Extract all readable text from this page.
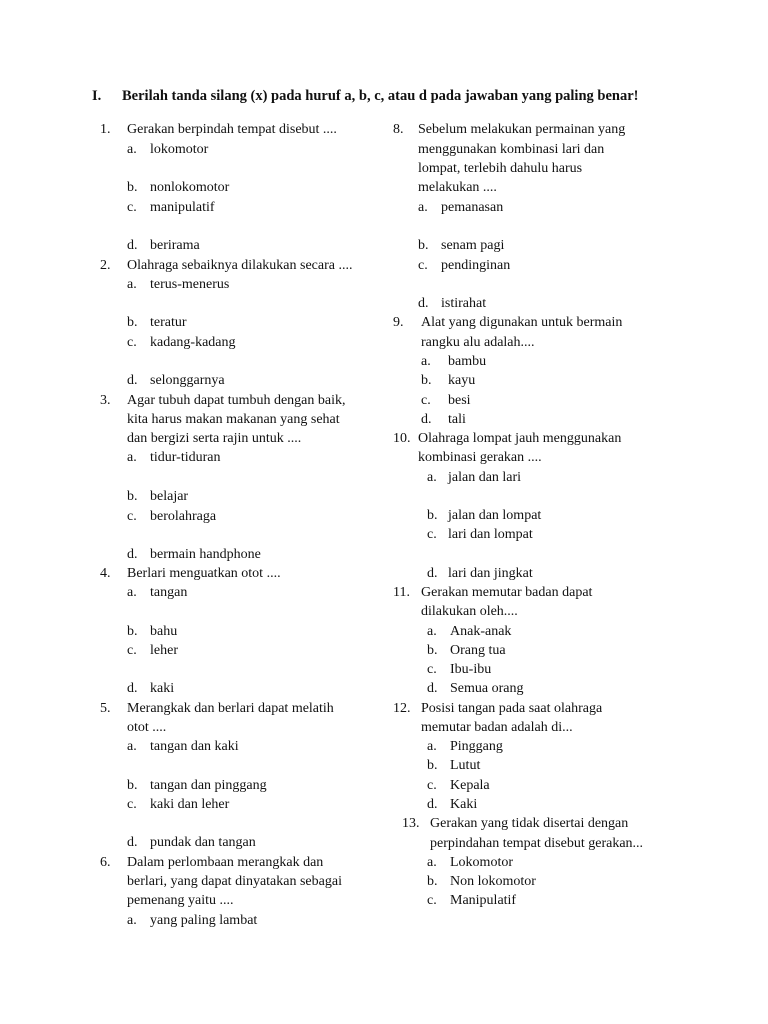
I. Berilah tanda silang (x) pada huruf a, b, c, atau d pada jawaban yang paling benar!
1. Gerakan berpindah tempat disebut ....
a. lokomotor
b. nonlokomotor
c. manipulatif
d. berirama
2. Olahraga sebaiknya dilakukan secara ....
a. terus-menerus
b. teratur
c. kadang-kadang
d. selonggarnya
3. Agar tubuh dapat tumbuh dengan baik,
kita harus makan makanan yang sehat
dan bergizi serta rajin untuk ....
a. tidur-tiduran
b. belajar
c. berolahraga
d. bermain handphone
4. Berlari menguatkan otot ....
a. tangan
b. bahu
c. leher
d. kaki
5. Merangkak dan berlari dapat melatih
otot ....
a. tangan dan kaki
b. tangan dan pinggang
c. kaki dan leher
d. pundak dan tangan
6. Dalam perlombaan merangkak dan
berlari, yang dapat dinyatakan sebagai
pemenang yaitu ....
a. yang paling lambat
8. Sebelum melakukan permainan yang
menggunakan kombinasi lari dan
lompat, terlebih dahulu harus
melakukan ....
a. pemanasan
b. senam pagi
c. pendinginan
d. istirahat
9. Alat yang digunakan untuk bermain
rangku alu adalah....
a. bambu
b. kayu
c. besi
d. tali
10. Olahraga lompat jauh menggunakan
kombinasi gerakan ....
a. jalan dan lari
b. jalan dan lompat
c. lari dan lompat
d. lari dan jingkat
11. Gerakan memutar badan dapat
dilakukan oleh....
a. Anak-anak
b. Orang tua
c. Ibu-ibu
d. Semua orang
12. Posisi tangan pada saat olahraga
memutar badan adalah di...
a. Pinggang
b. Lutut
c. Kepala
d. Kaki
13. Gerakan yang tidak disertai dengan
perpindahan tempat disebut gerakan...
a. Lokomotor
b. Non lokomotor
c. Manipulatif
